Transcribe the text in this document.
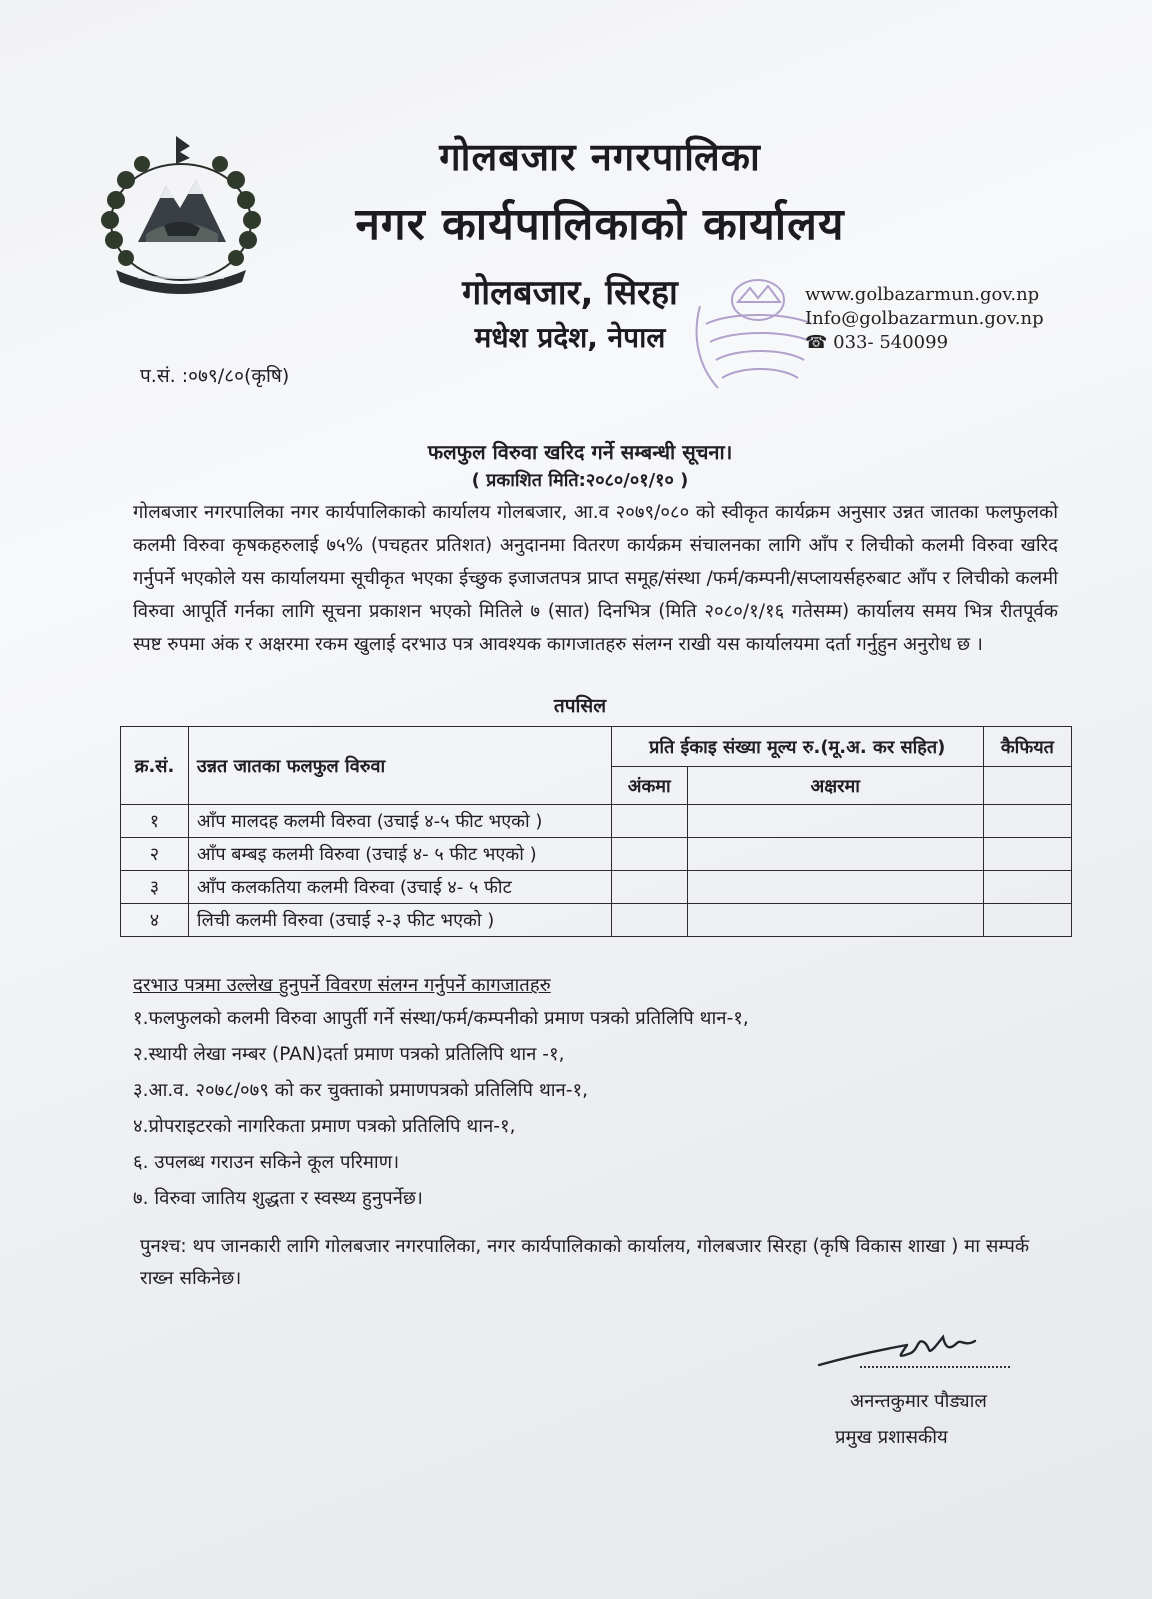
गोलबजार नगरपालिका
नगर कार्यपालिकाको कार्यालय
गोलबजार, सिरहा
मधेश प्रदेश, नेपाल
www.golbazarmun.gov.np
Info@golbazarmun.gov.np
☎ 033- 540099
प.सं. :०७९/८०(कृषि)
फलफुल विरुवा खरिद गर्ने सम्बन्धी सूचना।
( प्रकाशित मिति:२०८०/०१/१० )

गोलबजार नगरपालिका नगर कार्यपालिकाको कार्यालय गोलबजार, आ.व २०७९/०८० को स्वीकृत कार्यक्रम अनुसार उन्नत जातका फलफुलको कलमी विरुवा कृषकहरुलाई ७५% (पचहतर प्रतिशत) अनुदानमा वितरण कार्यक्रम संचालनका लागि आँप र लिचीको कलमी विरुवा खरिद गर्नुपर्ने भएकोले यस कार्यालयमा सूचीकृत भएका ईच्छुक इजाजतपत्र प्राप्त समूह/संस्था /फर्म/कम्पनी/सप्लायर्सहरुबाट आँप र लिचीको कलमी विरुवा आपूर्ति गर्नका लागि सूचना प्रकाशन भएको मितिले ७ (सात) दिनभित्र (मिति २०८०/१/१६ गतेसम्म) कार्यालय समय भित्र रीतपूर्वक स्पष्ट रुपमा अंक र अक्षरमा रकम खुलाई दरभाउ पत्र आवश्यक कागजातहरु संलग्न राखी यस कार्यालयमा दर्ता गर्नुहुन अनुरोध छ ।

तपसिल
क्र.सं.	उन्नत जातका फलफुल विरुवा	प्रति ईकाइ संख्या मूल्य रु.(मू.अ. कर सहित)		कैफियत
		अंकमा	अक्षरमा	
१	आँप मालदह कलमी विरुवा (उचाई ४-५ फीट भएको )			
२	आँप बम्बइ कलमी विरुवा (उचाई ४- ५ फीट भएको )			
३	आँप कलकतिया कलमी विरुवा (उचाई ४- ५ फीट			
४	लिची कलमी विरुवा (उचाई २-३ फीट भएको )			
दरभाउ पत्रमा उल्लेख हुनुपर्ने विवरण संलग्न गर्नुपर्ने कागजातहरु
१.फलफुलको कलमी विरुवा आपुर्ती गर्ने संस्था/फर्म/कम्पनीको प्रमाण पत्रको प्रतिलिपि थान-१,
२.स्थायी लेखा नम्बर (PAN)दर्ता प्रमाण पत्रको प्रतिलिपि थान -१,
३.आ.व. २०७८/०७९ को कर चुक्ताको प्रमाणपत्रको प्रतिलिपि थान-१,
४.प्रोपराइटरको नागरिकता प्रमाण पत्रको प्रतिलिपि थान-१,
६. उपलब्ध गराउन सकिने कूल परिमाण।
७. विरुवा जातिय शुद्धता र स्वस्थ्य हुनुपर्नेछ।

पुनश्च: थप जानकारी लागि गोलबजार नगरपालिका, नगर कार्यपालिकाको कार्यालय, गोलबजार सिरहा (कृषि विकास शाखा ) मा सम्पर्क राख्न सकिनेछ।

अनन्तकुमार पौड्याल
प्रमुख प्रशासकीय
